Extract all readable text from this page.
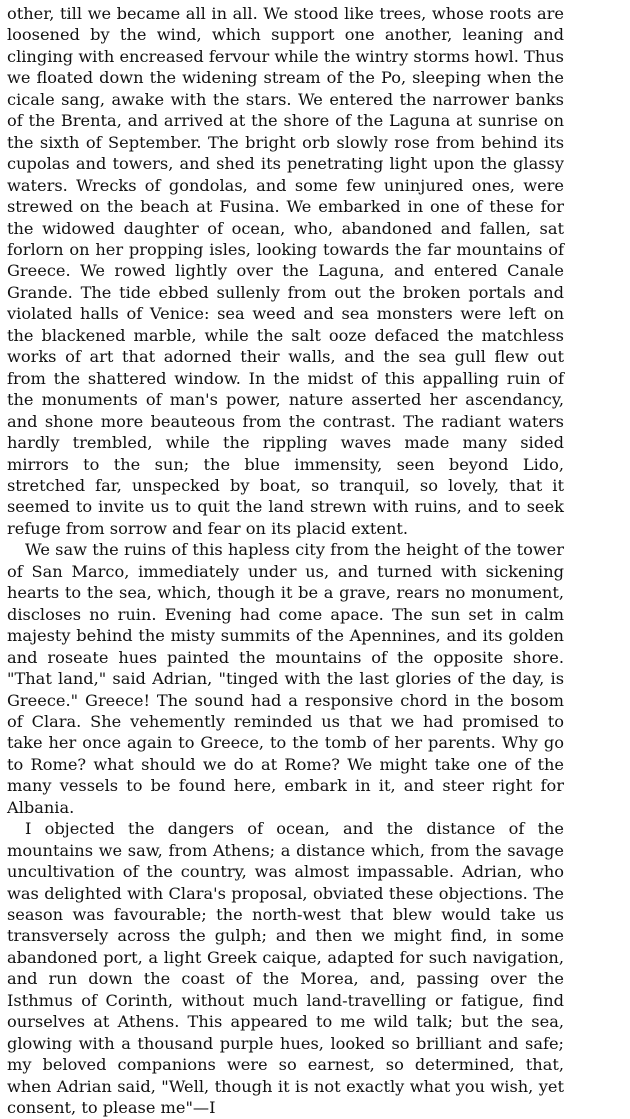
other, till we became all in all. We stood like trees, whose roots are loosened by the wind, which support one another, leaning and clinging with encreased fervour while the wintry storms howl. Thus we floated down the widening stream of the Po, sleeping when the cicale sang, awake with the stars. We entered the narrower banks of the Brenta, and arrived at the shore of the Laguna at sunrise on the sixth of September. The bright orb slowly rose from behind its cupolas and towers, and shed its penetrating light upon the glassy waters. Wrecks of gondolas, and some few uninjured ones, were strewed on the beach at Fusina. We embarked in one of these for the widowed daughter of ocean, who, abandoned and fallen, sat forlorn on her propping isles, looking towards the far mountains of Greece. We rowed lightly over the Laguna, and entered Canale Grande. The tide ebbed sullenly from out the broken portals and violated halls of Venice: sea weed and sea monsters were left on the blackened marble, while the salt ooze defaced the matchless works of art that adorned their walls, and the sea gull flew out from the shattered window. In the midst of this appalling ruin of the monuments of man's power, nature asserted her ascendancy, and shone more beauteous from the contrast. The radiant waters hardly trembled, while the rippling waves made many sided mirrors to the sun; the blue immensity, seen beyond Lido, stretched far, unspecked by boat, so tranquil, so lovely, that it seemed to invite us to quit the land strewn with ruins, and to seek refuge from sorrow and fear on its placid extent.

We saw the ruins of this hapless city from the height of the tower of San Marco, immediately under us, and turned with sickening hearts to the sea, which, though it be a grave, rears no monument, discloses no ruin. Evening had come apace. The sun set in calm majesty behind the misty summits of the Apennines, and its golden and roseate hues painted the mountains of the opposite shore. "That land," said Adrian, "tinged with the last glories of the day, is Greece." Greece! The sound had a responsive chord in the bosom of Clara. She vehemently reminded us that we had promised to take her once again to Greece, to the tomb of her parents. Why go to Rome? what should we do at Rome? We might take one of the many vessels to be found here, embark in it, and steer right for Albania.

I objected the dangers of ocean, and the distance of the mountains we saw, from Athens; a distance which, from the savage uncultivation of the country, was almost impassable. Adrian, who was delighted with Clara's proposal, obviated these objections. The season was favourable; the north-west that blew would take us transversely across the gulph; and then we might find, in some abandoned port, a light Greek caique, adapted for such navigation, and run down the coast of the Morea, and, passing over the Isthmus of Corinth, without much land-travelling or fatigue, find ourselves at Athens. This appeared to me wild talk; but the sea, glowing with a thousand purple hues, looked so brilliant and safe; my beloved companions were so earnest, so determined, that, when Adrian said, "Well, though it is not exactly what you wish, yet consent, to please me"—I
